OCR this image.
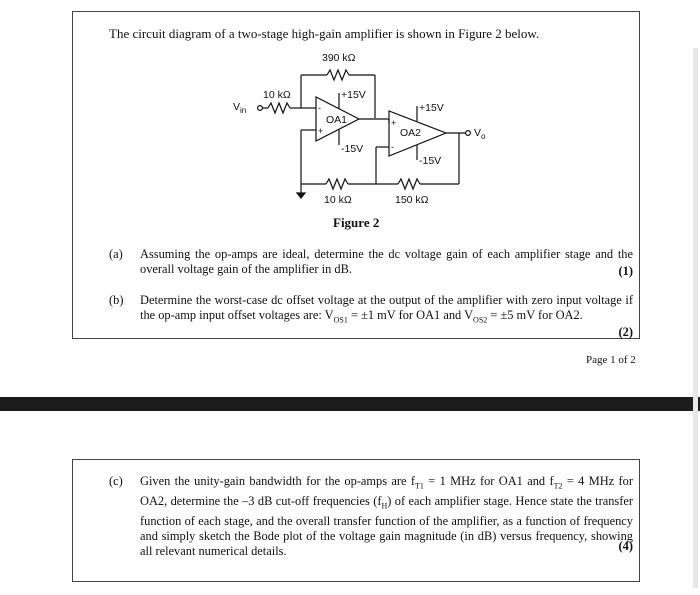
The circuit diagram of a two-stage high-gain amplifier is shown in Figure 2 below.
-
+
+
-
390 kΩ
10 kΩ
$V_{in}$
+15V
OA1
-15V
+15V
OA2
-15V
$V_o$
10 kΩ	150 kΩ
Figure 2
(a) Assuming the op-amps are ideal, determine the dc voltage gain of each amplifier stage and the overall voltage gain of the amplifier in dB.	(1)
(b) Determine the worst-case dc offset voltage at the output of the amplifier with zero input voltage if the op-amp input offset voltages are: $V_{OS1} = \pm 1$ mV for OA1 and $V_{OS2} = \pm 5$ mV for OA2.
(2)
Page 1 of 2
(c) Given the unity-gain bandwidth for the op-amps are $f_{T1} = 1$ MHz for OA1 and $f_{T2} = 4$ MHz for OA2, determine the –3 dB cut-off frequencies $(f_H)$ of each amplifier stage. Hence state the transfer function of each stage, and the overall transfer function of the amplifier, as a function of frequency and simply sketch the Bode plot of the voltage gain magnitude (in dB) versus frequency, showing all relevant numerical details.	(4)
